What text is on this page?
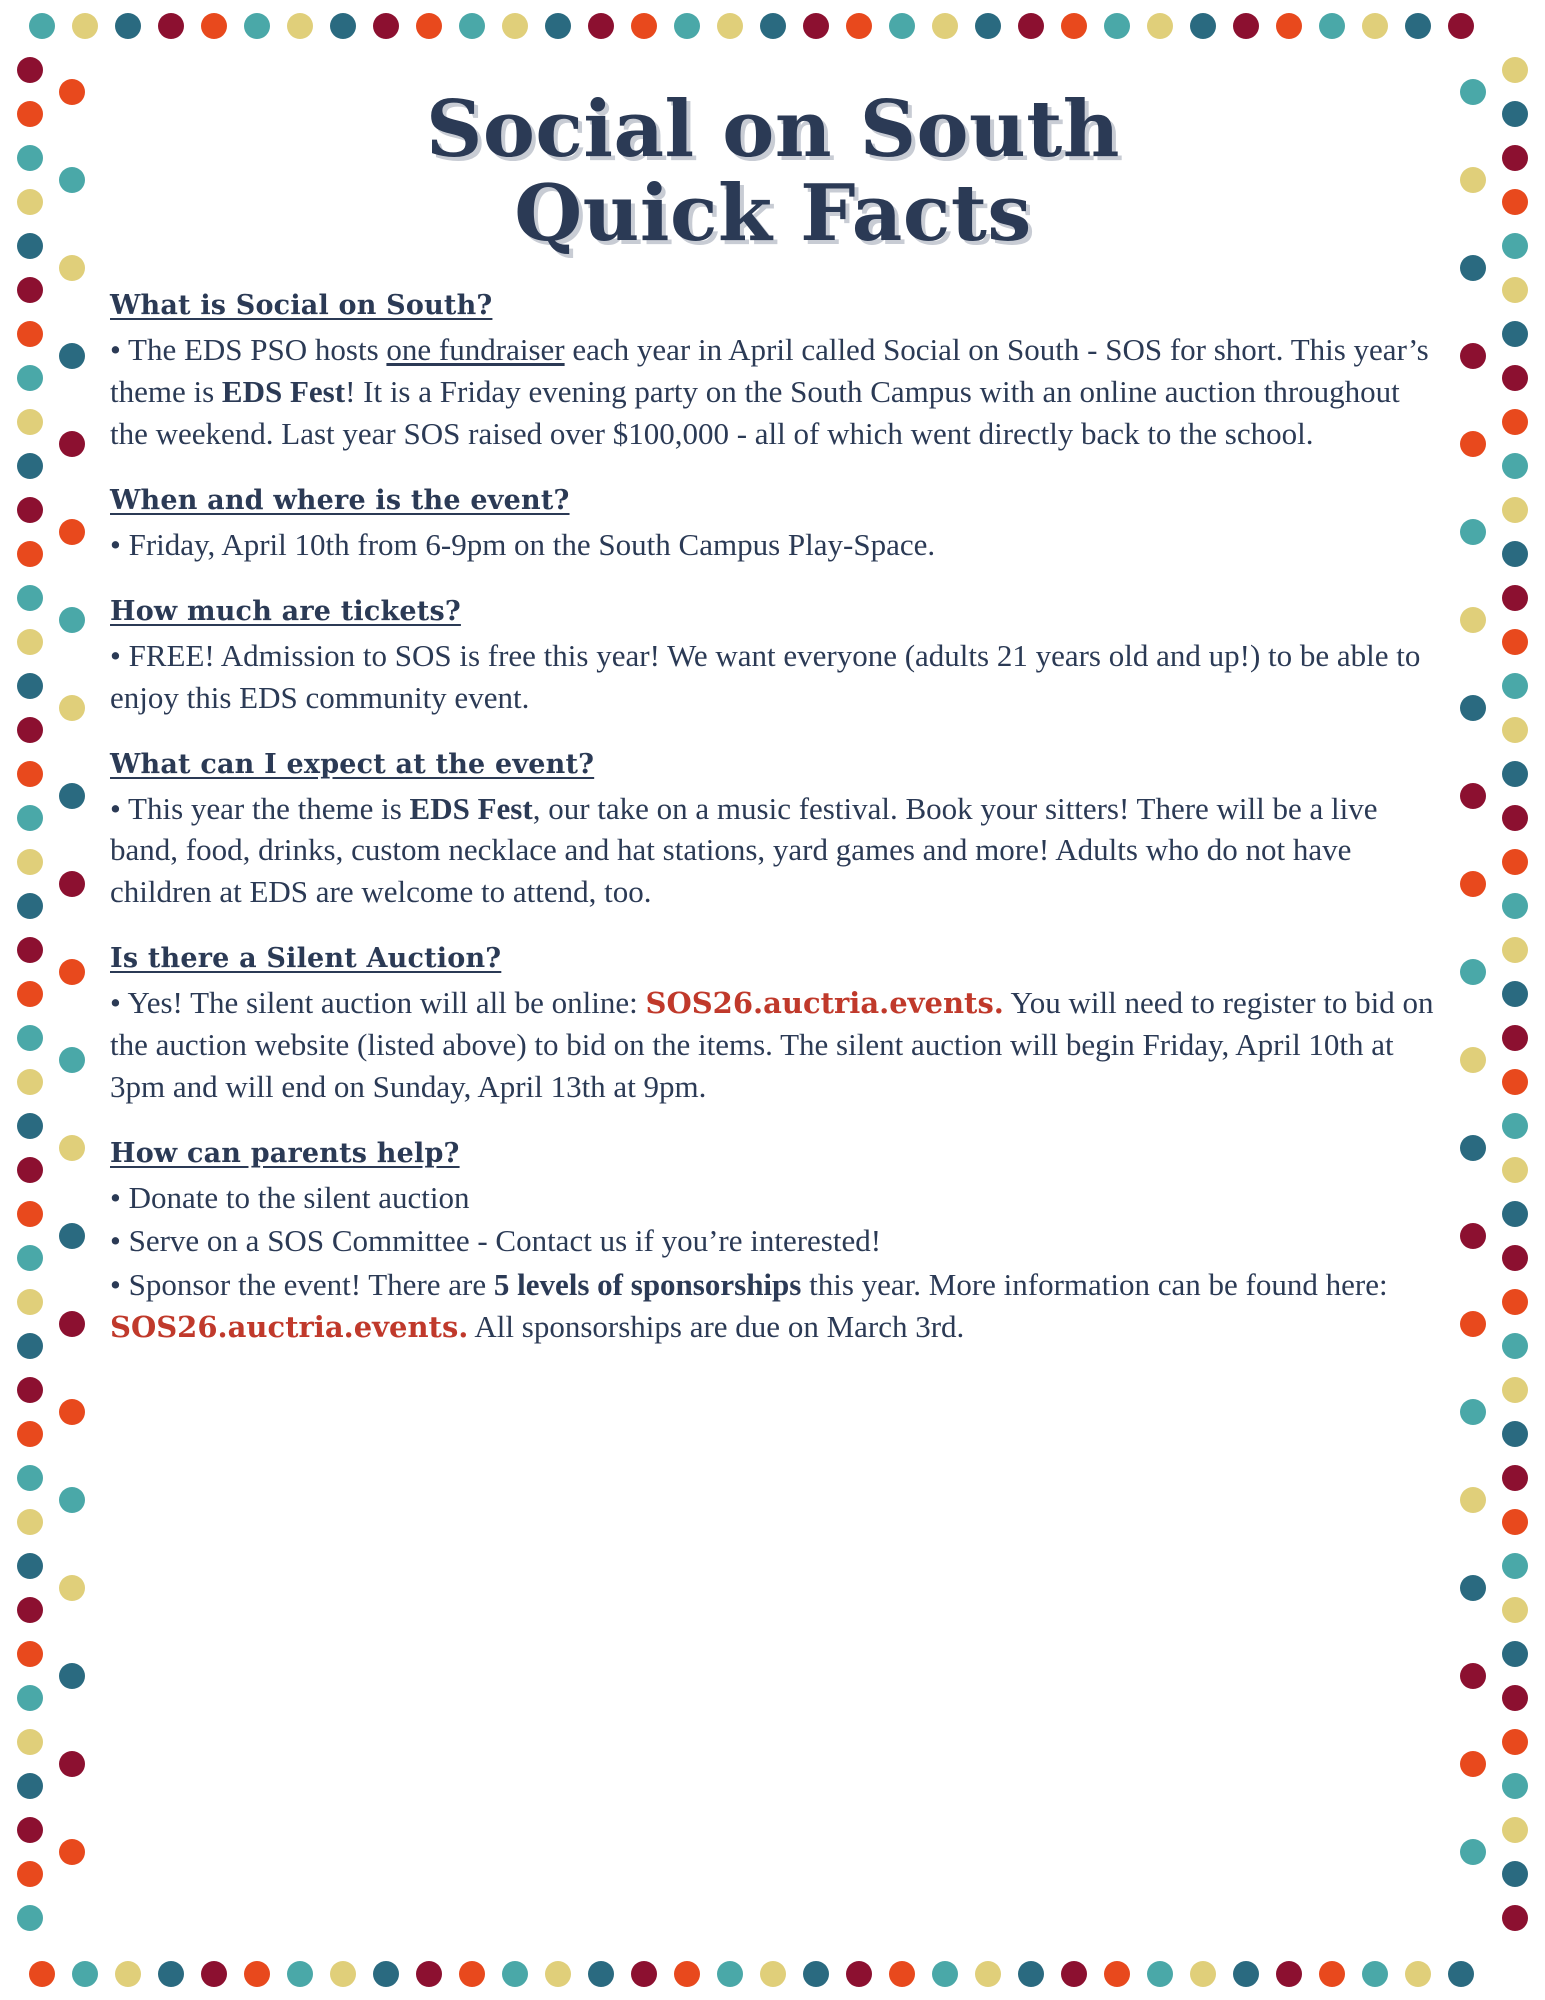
Social on South
Quick Facts
What is Social on South?

• The EDS PSO hosts one fundraiser each year in April called Social on South - SOS for short. This year’s theme is EDS Fest! It is a Friday evening party on the South Campus with an online auction throughout the weekend. Last year SOS raised over $100,000 - all of which went directly back to the school.

When and where is the event?

• Friday, April 10th from 6-9pm on the South Campus Play-Space.

How much are tickets?

• FREE! Admission to SOS is free this year! We want everyone (adults 21 years old and up!) to be able to enjoy this EDS community event.

What can I expect at the event?

• This year the theme is EDS Fest, our take on a music festival. Book your sitters! There will be a live band, food, drinks, custom necklace and hat stations, yard games and more! Adults who do not have children at EDS are welcome to attend, too.

Is there a Silent Auction?

• Yes! The silent auction will all be online: SOS26.auctria.events. You will need to register to bid on the auction website (listed above) to bid on the items. The silent auction will begin Friday, April 10th at 3pm and will end on Sunday, April 13th at 9pm.

How can parents help?

• Donate to the silent auction

• Serve on a SOS Committee - Contact us if you’re interested!

• Sponsor the event! There are 5 levels of sponsorships this year. More information can be found here: SOS26.auctria.events. All sponsorships are due on March 3rd.
